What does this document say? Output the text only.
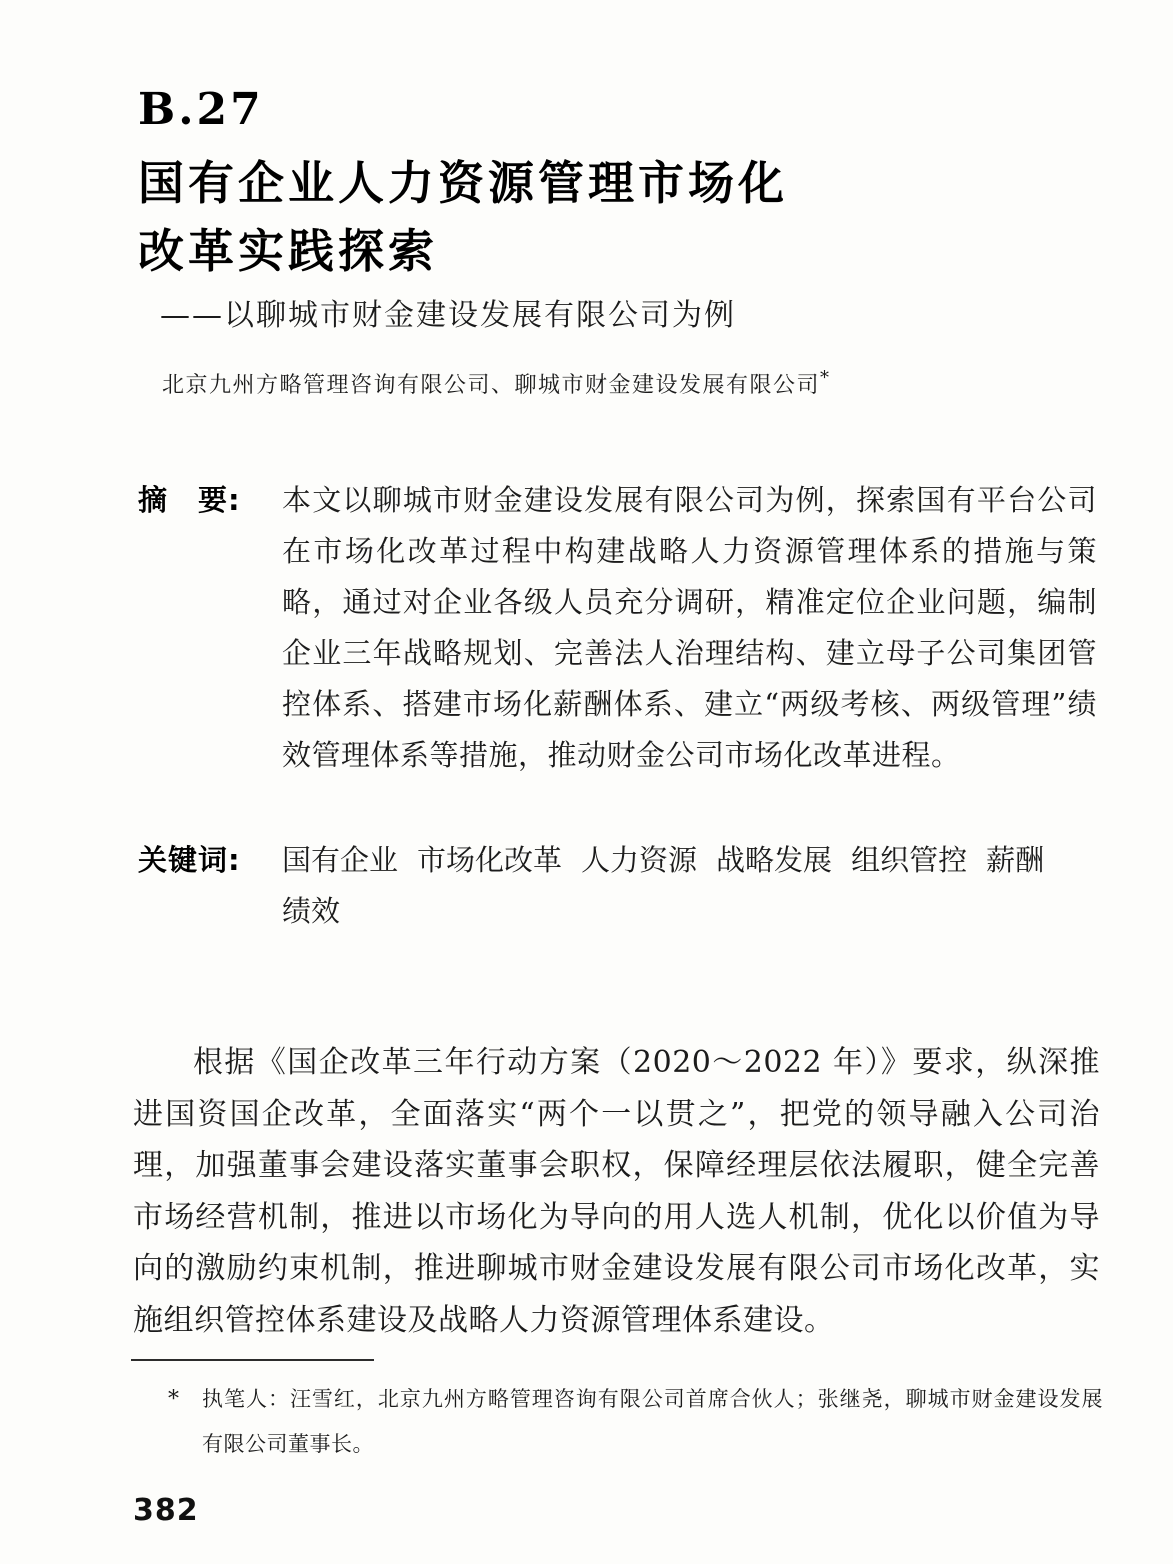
B.27
国有企业人力资源管理市场化
改革实践探索
——以聊城市财金建设发展有限公司为例
北京九州方略管理咨询有限公司、聊城市财金建设发展有限公司*
摘　要:	本文以聊城市财金建设发展有限公司为例，探索国有平台公司在市场化改革过程中构建战略人力资源管理体系的措施与策略，通过对企业各级人员充分调研，精准定位企业问题，编制企业三年战略规划、完善法人治理结构、建立母子公司集团管控体系、搭建市场化薪酬体系、建立“两级考核、两级管理”绩效管理体系等措施，推动财金公司市场化改革进程。
关键词:	国有企业 市场化改革 人力资源 战略发展 组织管控 薪酬绩效

根据《国企改革三年行动方案（2020～2022 年）》要求，纵深推进国资国企改革，全面落实“两个一以贯之”，把党的领导融入公司治理，加强董事会建设落实董事会职权，保障经理层依法履职，健全完善市场经营机制，推进以市场化为导向的用人选人机制，优化以价值为导向的激励约束机制，推进聊城市财金建设发展有限公司市场化改革，实施组织管控体系建设及战略人力资源管理体系建设。

*	执笔人：汪雪红，北京九州方略管理咨询有限公司首席合伙人；张继尧，聊城市财金建设发展有限公司董事长。
382
